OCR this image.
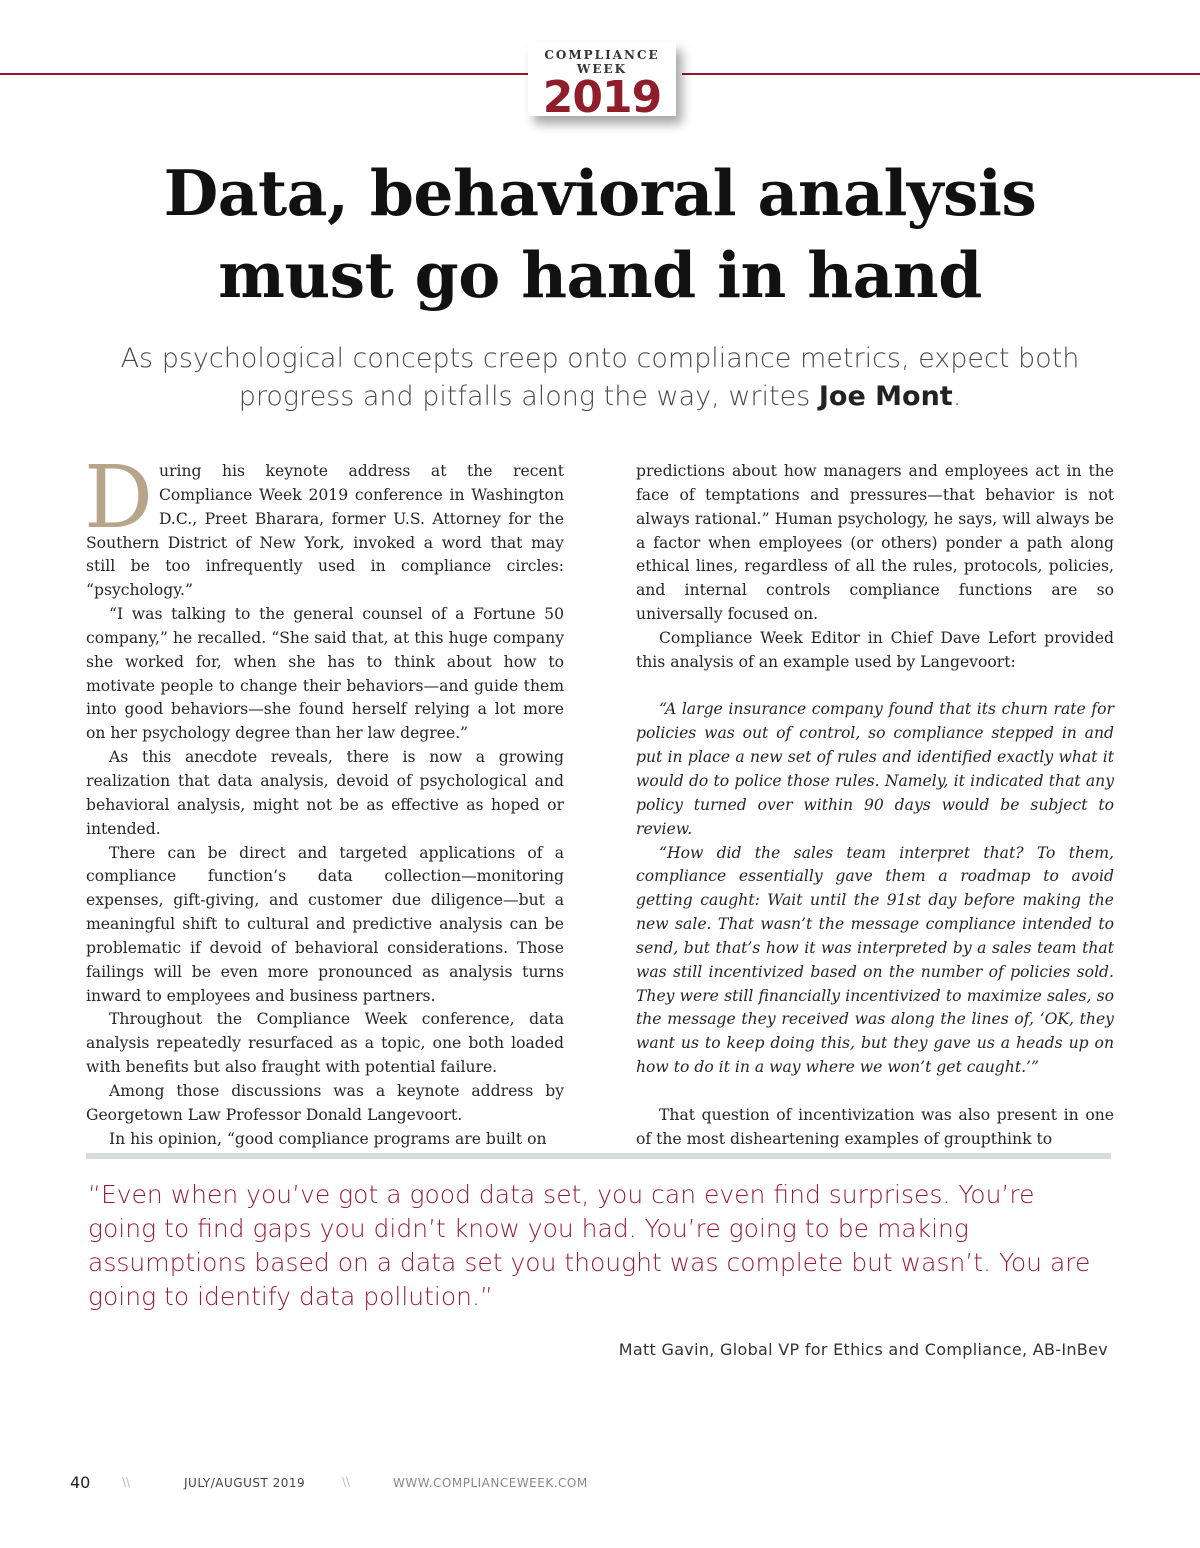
COMPLIANCE WEEK
2019
Data, behavioral analysis
must go hand in hand
As psychological concepts creep onto compliance metrics, expect both
progress and pitfalls along the way, writes Joe Mont.

During his keynote address at the recent Compliance Week 2019 conference in Washington D.C., Preet Bharara, former U.S. Attorney for the Southern District of New York, invoked a word that may still be too infrequently used in compliance circles: “psychology.”

“I was talking to the general counsel of a Fortune 50 company,” he recalled. “She said that, at this huge company she worked for, when she has to think about how to motivate people to change their behaviors—and guide them into good behaviors—she found herself relying a lot more on her psychology degree than her law degree.”

As this anecdote reveals, there is now a growing realization that data analysis, devoid of psychological and behavioral analysis, might not be as effective as hoped or intended.

There can be direct and targeted applications of a compliance function’s data collection—monitoring expenses, gift-giving, and customer due diligence—but a meaningful shift to cultural and predictive analysis can be problematic if devoid of behavioral considerations. Those failings will be even more pronounced as analysis turns inward to employees and business partners.

Throughout the Compliance Week conference, data analysis repeatedly resurfaced as a topic, one both loaded with benefits but also fraught with potential failure.

Among those discussions was a keynote address by Georgetown Law Professor Donald Langevoort.

In his opinion, “good compliance programs are built on

predictions about how managers and employees act in the face of temptations and pressures—that behavior is not always rational.” Human psychology, he says, will always be a factor when employees (or others) ponder a path along ethical lines, regardless of all the rules, protocols, policies, and internal controls compliance functions are so universally focused on.

Compliance Week Editor in Chief Dave Lefort provided this analysis of an example used by Langevoort:

“A large insurance company found that its churn rate for policies was out of control, so compliance stepped in and put in place a new set of rules and identified exactly what it would do to police those rules. Namely, it indicated that any policy turned over within 90 days would be subject to review.

“How did the sales team interpret that? To them, compliance essentially gave them a roadmap to avoid getting caught: Wait until the 91st day before making the new sale. That wasn’t the message compliance intended to send, but that’s how it was interpreted by a sales team that was still incentivized based on the number of policies sold. They were still financially incentivized to maximize sales, so the message they received was along the lines of, ‘OK, they want us to keep doing this, but they gave us a heads up on how to do it in a way where we won’t get caught.’”

That question of incentivization was also present in one of the most disheartening examples of groupthink to

“Even when you’ve got a good data set, you can even find surprises. You’re going to find gaps you didn’t know you had. You’re going to be making assumptions based on a data set you thought was complete but wasn’t. You are going to identify data pollution.”
Matt Gavin, Global VP for Ethics and Compliance, AB-InBev
40	\\	JULY/AUGUST 2019	\\	WWW.COMPLIANCEWEEK.COM
